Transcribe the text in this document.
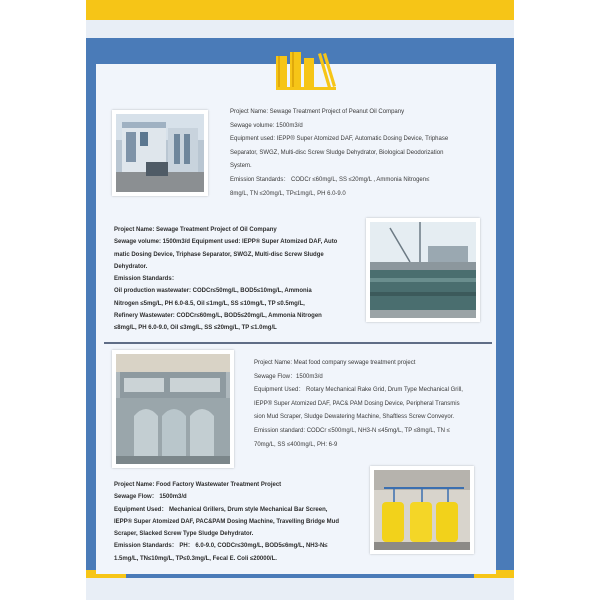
Project Name: Sewage Treatment Project of Peanut Oil Company
Sewage volume: 1500m3/d
Equipment used: IEPP® Super Atomized DAF, Automatic Dosing Device, Triphase
Separator, SWGZ, Multi-disc Screw Sludge Dehydrator, Biological Deodorization
System.
Emission Standards： CODCr ≤60mg/L, SS ≤20mg/L , Ammonia Nitrogen≤
8mg/L, TN ≤20mg/L, TP≤1mg/L, PH 6.0-9.0
Project Name: Sewage Treatment Project of Oil Company
Sewage volume: 1500m3/d Equipment used: IEPP® Super Atomized DAF, Auto
matic Dosing Device, Triphase Separator, SWGZ, Multi-disc Screw Sludge
Dehydrator.
Emission Standards：
Oil production wastewater: CODCr≤50mg/L, BOD5≤10mg/L, Ammonia
Nitrogen ≤5mg/L, PH 6.0-8.5, Oil ≤1mg/L, SS ≤10mg/L, TP ≤0.5mg/L,
Refinery Wastewater: CODCr≤60mg/L, BOD5≤20mg/L, Ammonia Nitrogen
≤8mg/L, PH 6.0-9.0, Oil ≤3mg/L, SS ≤20mg/L, TP ≤1.0mg/L
Project Name: Meat food company sewage treatment project
Sewage Flow：1500m3/d
Equipment Used： Rotary Mechanical Rake Grid, Drum Type Mechanical Grill,
IEPP® Super Atomized DAF, PAC& PAM Dosing Device, Peripheral Transmis
sion Mud Scraper, Sludge Dewatering Machine, Shaftless Screw Conveyor.
Emission standard: CODCr ≤500mg/L, NH3-N ≤45mg/L, TP ≤8mg/L, TN ≤
70mg/L, SS ≤400mg/L, PH: 6-9
Project Name: Food Factory Wastewater Treatment Project
Sewage Flow： 1500m3/d
Equipment Used： Mechanical Grillers, Drum style Mechanical Bar Screen,
IEPP® Super Atomized DAF, PAC&PAM Dosing Machine, Travelling Bridge Mud
Scraper, Slacked Screw Type Sludge Dehydrator.
Emission Standards： PH： 6.0-9.0, CODCr≤30mg/L, BOD5≤6mg/L, NH3-N≤
1.5mg/L, TN≤10mg/L, TP≤0.3mg/L, Fecal E. Coli ≤20000/L.
